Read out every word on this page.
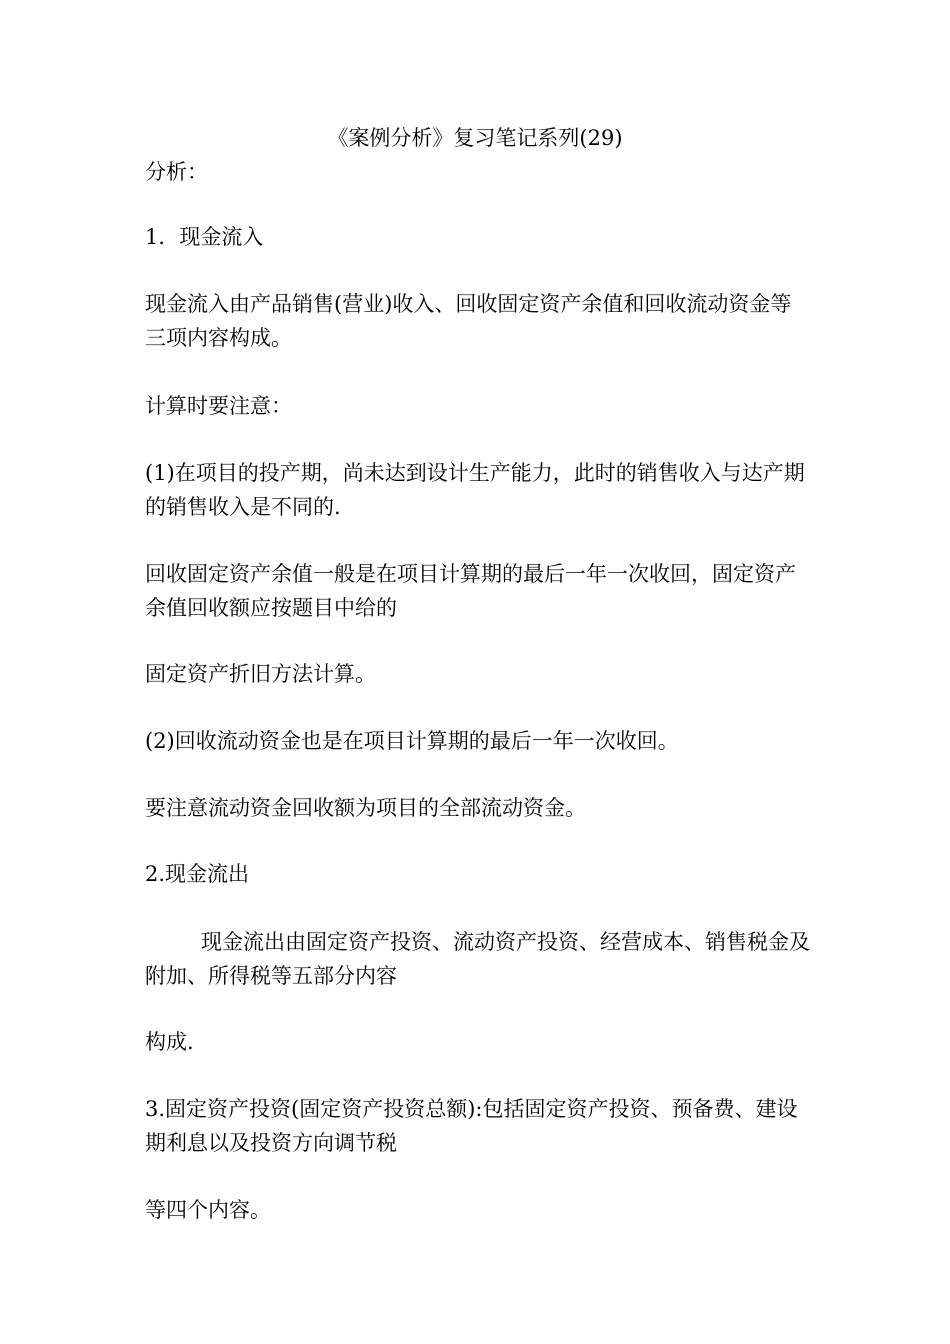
《案例分析》复习笔记系列(29)

分析：

1．现金流入

现金流入由产品销售(营业)收入、回收固定资产余值和回收流动资金等三项内容构成。

计算时要注意：

(1)在项目的投产期，尚未达到设计生产能力，此时的销售收入与达产期的销售收入是不同的.

回收固定资产余值一般是在项目计算期的最后一年一次收回，固定资产余值回收额应按题目中给的

固定资产折旧方法计算。

(2)回收流动资金也是在项目计算期的最后一年一次收回。

要注意流动资金回收额为项目的全部流动资金。

2.现金流出

现金流出由固定资产投资、流动资产投资、经营成本、销售税金及附加、所得税等五部分内容

构成.

3.固定资产投资(固定资产投资总额):包括固定资产投资、预备费、建设期利息以及投资方向调节税

等四个内容。
